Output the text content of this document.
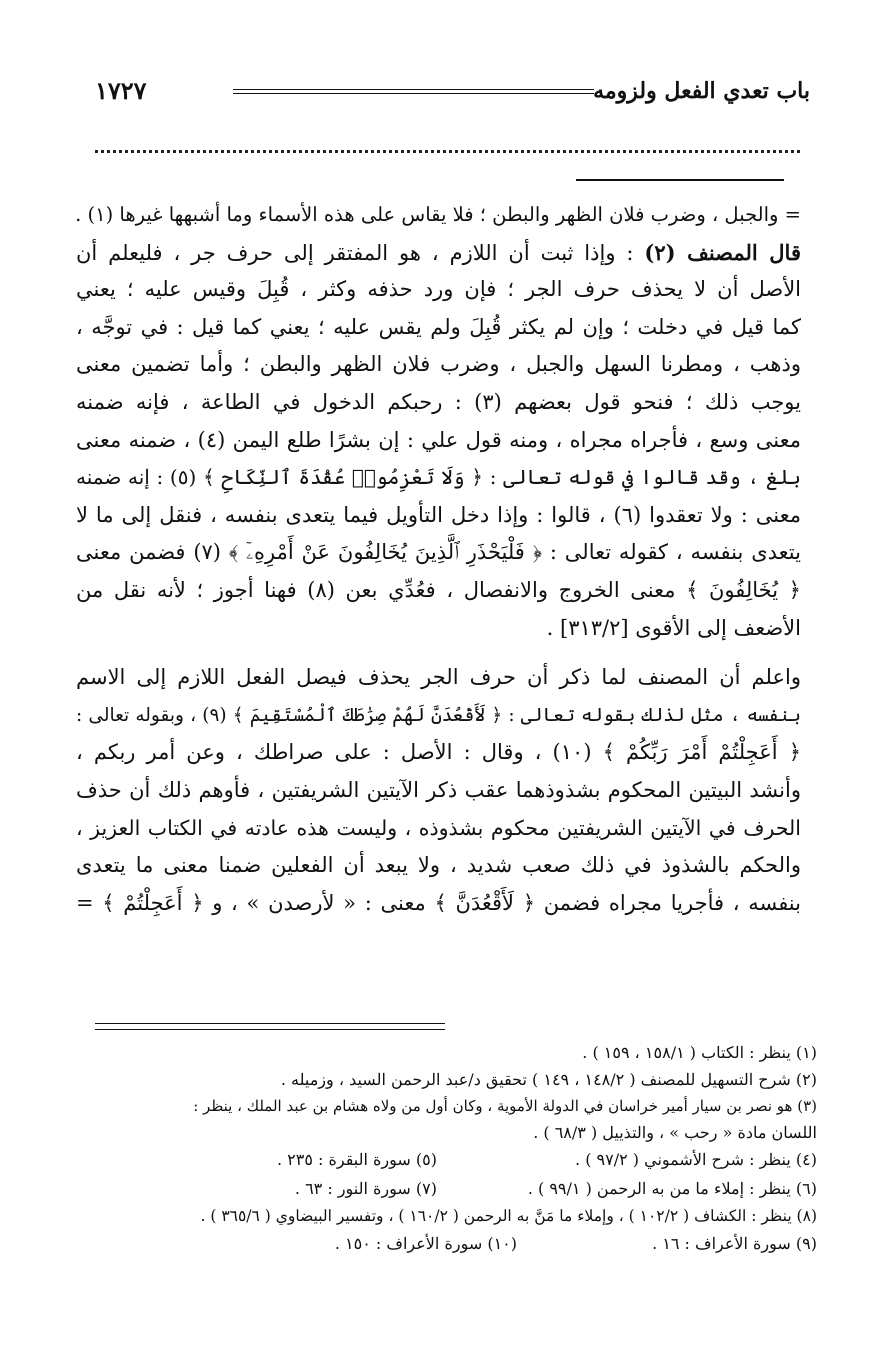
باب تعدي الفعل ولزومه
١٧٢٧
= والجبل ، وضرب فلان الظهر والبطن ؛ فلا يقاس على هذه الأسماء وما أشبهها غيرها (١) .
قال المصنف (٢) : وإذا ثبت أن اللازم ، هو المفتقر إلى حرف جر ، فليعلم أن
الأصل أن لا يحذف حرف الجر ؛ فإن ورد حذفه وكثر ، قُبِلَ وقيس عليه ؛ يعني
كما قيل في دخلت ؛ وإن لم يكثر قُبِلَ ولم يقس عليه ؛ يعني كما قيل : في توجَّه ،
وذهب ، ومطرنا السهل والجبل ، وضرب فلان الظهر والبطن ؛ وأما تضمين معنى
يوجب ذلك ؛ فنحو قول بعضهم (٣) : رحبكم الدخول في الطاعة ، فإنه ضمنه
معنى وسع ، فأجراه مجراه ، ومنه قول علي : إن بشرًا طلع اليمن (٤) ، ضمنه معنى
بلغ ، وقد قالوا في قوله تعالى : ﴿ وَلَا تَعْزِمُوا۟ عُقْدَةَ ٱلنِّكَاحِ ﴾ (٥) : إنه ضمنه
معنى : ولا تعقدوا (٦) ، قالوا : وإذا دخل التأويل فيما يتعدى بنفسه ، فنقل إلى ما لا
يتعدى بنفسه ، كقوله تعالى : ﴿ فَلْيَحْذَرِ ٱلَّذِينَ يُخَالِفُونَ عَنْ أَمْرِهِۦٓ ﴾ (٧) فضمن معنى
﴿ يُخَالِفُونَ ﴾ معنى الخروج والانفصال ، فعُدِّي بعن (٨) فهنا أجوز ؛ لأنه نقل من
الأضعف إلى الأقوى [٣١٣/٢] .
واعلم أن المصنف لما ذكر أن حرف الجر يحذف فيصل الفعل اللازم إلى الاسم
بنفسه ، مثل لذلك بقوله تعالى : ﴿ لَأَقْعُدَنَّ لَهُمْ صِرَٰطَكَ ٱلْمُسْتَقِيمَ ﴾ (٩) ، وبقوله تعالى :
﴿ أَعَجِلْتُمْ أَمْرَ رَبِّكُمْ ﴾ (١٠) ، وقال : الأصل : على صراطك ، وعن أمر ربكم ،
وأنشد البيتين المحكوم بشذوذهما عقب ذكر الآيتين الشريفتين ، فأوهم ذلك أن حذف
الحرف في الآيتين الشريفتين محكوم بشذوذه ، وليست هذه عادته في الكتاب العزيز ،
والحكم بالشذوذ في ذلك صعب شديد ، ولا يبعد أن الفعلين ضمنا معنى ما يتعدى
بنفسه ، فأجريا مجراه فضمن ﴿ لَأَقْعُدَنَّ ﴾ معنى : « لأرصدن » ، و ﴿ أَعَجِلْتُمْ ﴾ =
(١) ينظر : الكتاب ( ١٥٨/١ ، ١٥٩ ) .
(٢) شرح التسهيل للمصنف ( ١٤٨/٢ ، ١٤٩ ) تحقيق د/عبد الرحمن السيد ، وزميله .
(٣) هو نصر بن سيار أمير خراسان في الدولة الأموية ، وكان أول من ولاه هشام بن عبد الملك ، ينظر :
اللسان مادة « رحب » ، والتذييل ( ٦٨/٣ ) .
(٤) ينظر : شرح الأشموني ( ٩٧/٢ ) .
(٥) سورة البقرة : ٢٣٥ .
(٦) ينظر : إملاء ما من به الرحمن ( ٩٩/١ ) .
(٧) سورة النور : ٦٣ .
(٨) ينظر : الكشاف ( ١٠٢/٢ ) ، وإملاء ما مَنَّ به الرحمن ( ١٦٠/٢ ) ، وتفسير البيضاوي ( ٣٦٥/٦ ) .
(٩) سورة الأعراف : ١٦ .
(١٠) سورة الأعراف : ١٥٠ .
